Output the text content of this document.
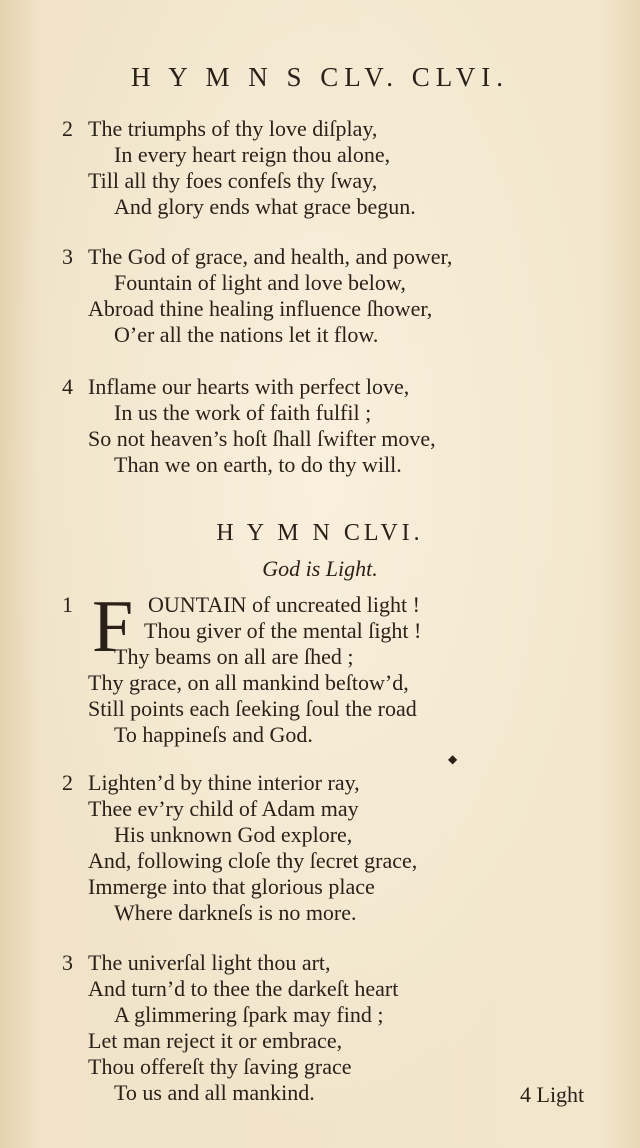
H Y M N S CLV. CLVI.
2 The triumphs of thy love diſplay,
In every heart reign thou alone,
Till all thy foes confeſs thy ſway,
And glory ends what grace begun.
3 The God of grace, and health, and power,
Fountain of light and love below,
Abroad thine healing influence ſhower,
O’er all the nations let it flow.
4 Inflame our hearts with perfect love,
In us the work of faith fulfil ;
So not heaven’s hoſt ſhall ſwifter move,
Than we on earth, to do thy will.
H Y M N CLVI.
God is Light.
F
1	OUNTAIN of uncreated light !
Thou giver of the mental ſight !
Thy beams on all are ſhed ;
Thy grace, on all mankind beſtow’d,
Still points each ſeeking ſoul the road
To happineſs and God.
◆
2 Lighten’d by thine interior ray,
Thee ev’ry child of Adam may
His unknown God explore,
And, following cloſe thy ſecret grace,
Immerge into that glorious place
Where darkneſs is no more.
3 The univerſal light thou art,
And turn’d to thee the darkeſt heart
A glimmering ſpark may find ;
Let man reject it or embrace,
Thou offereſt thy ſaving grace
To us and all mankind.	4 Light
